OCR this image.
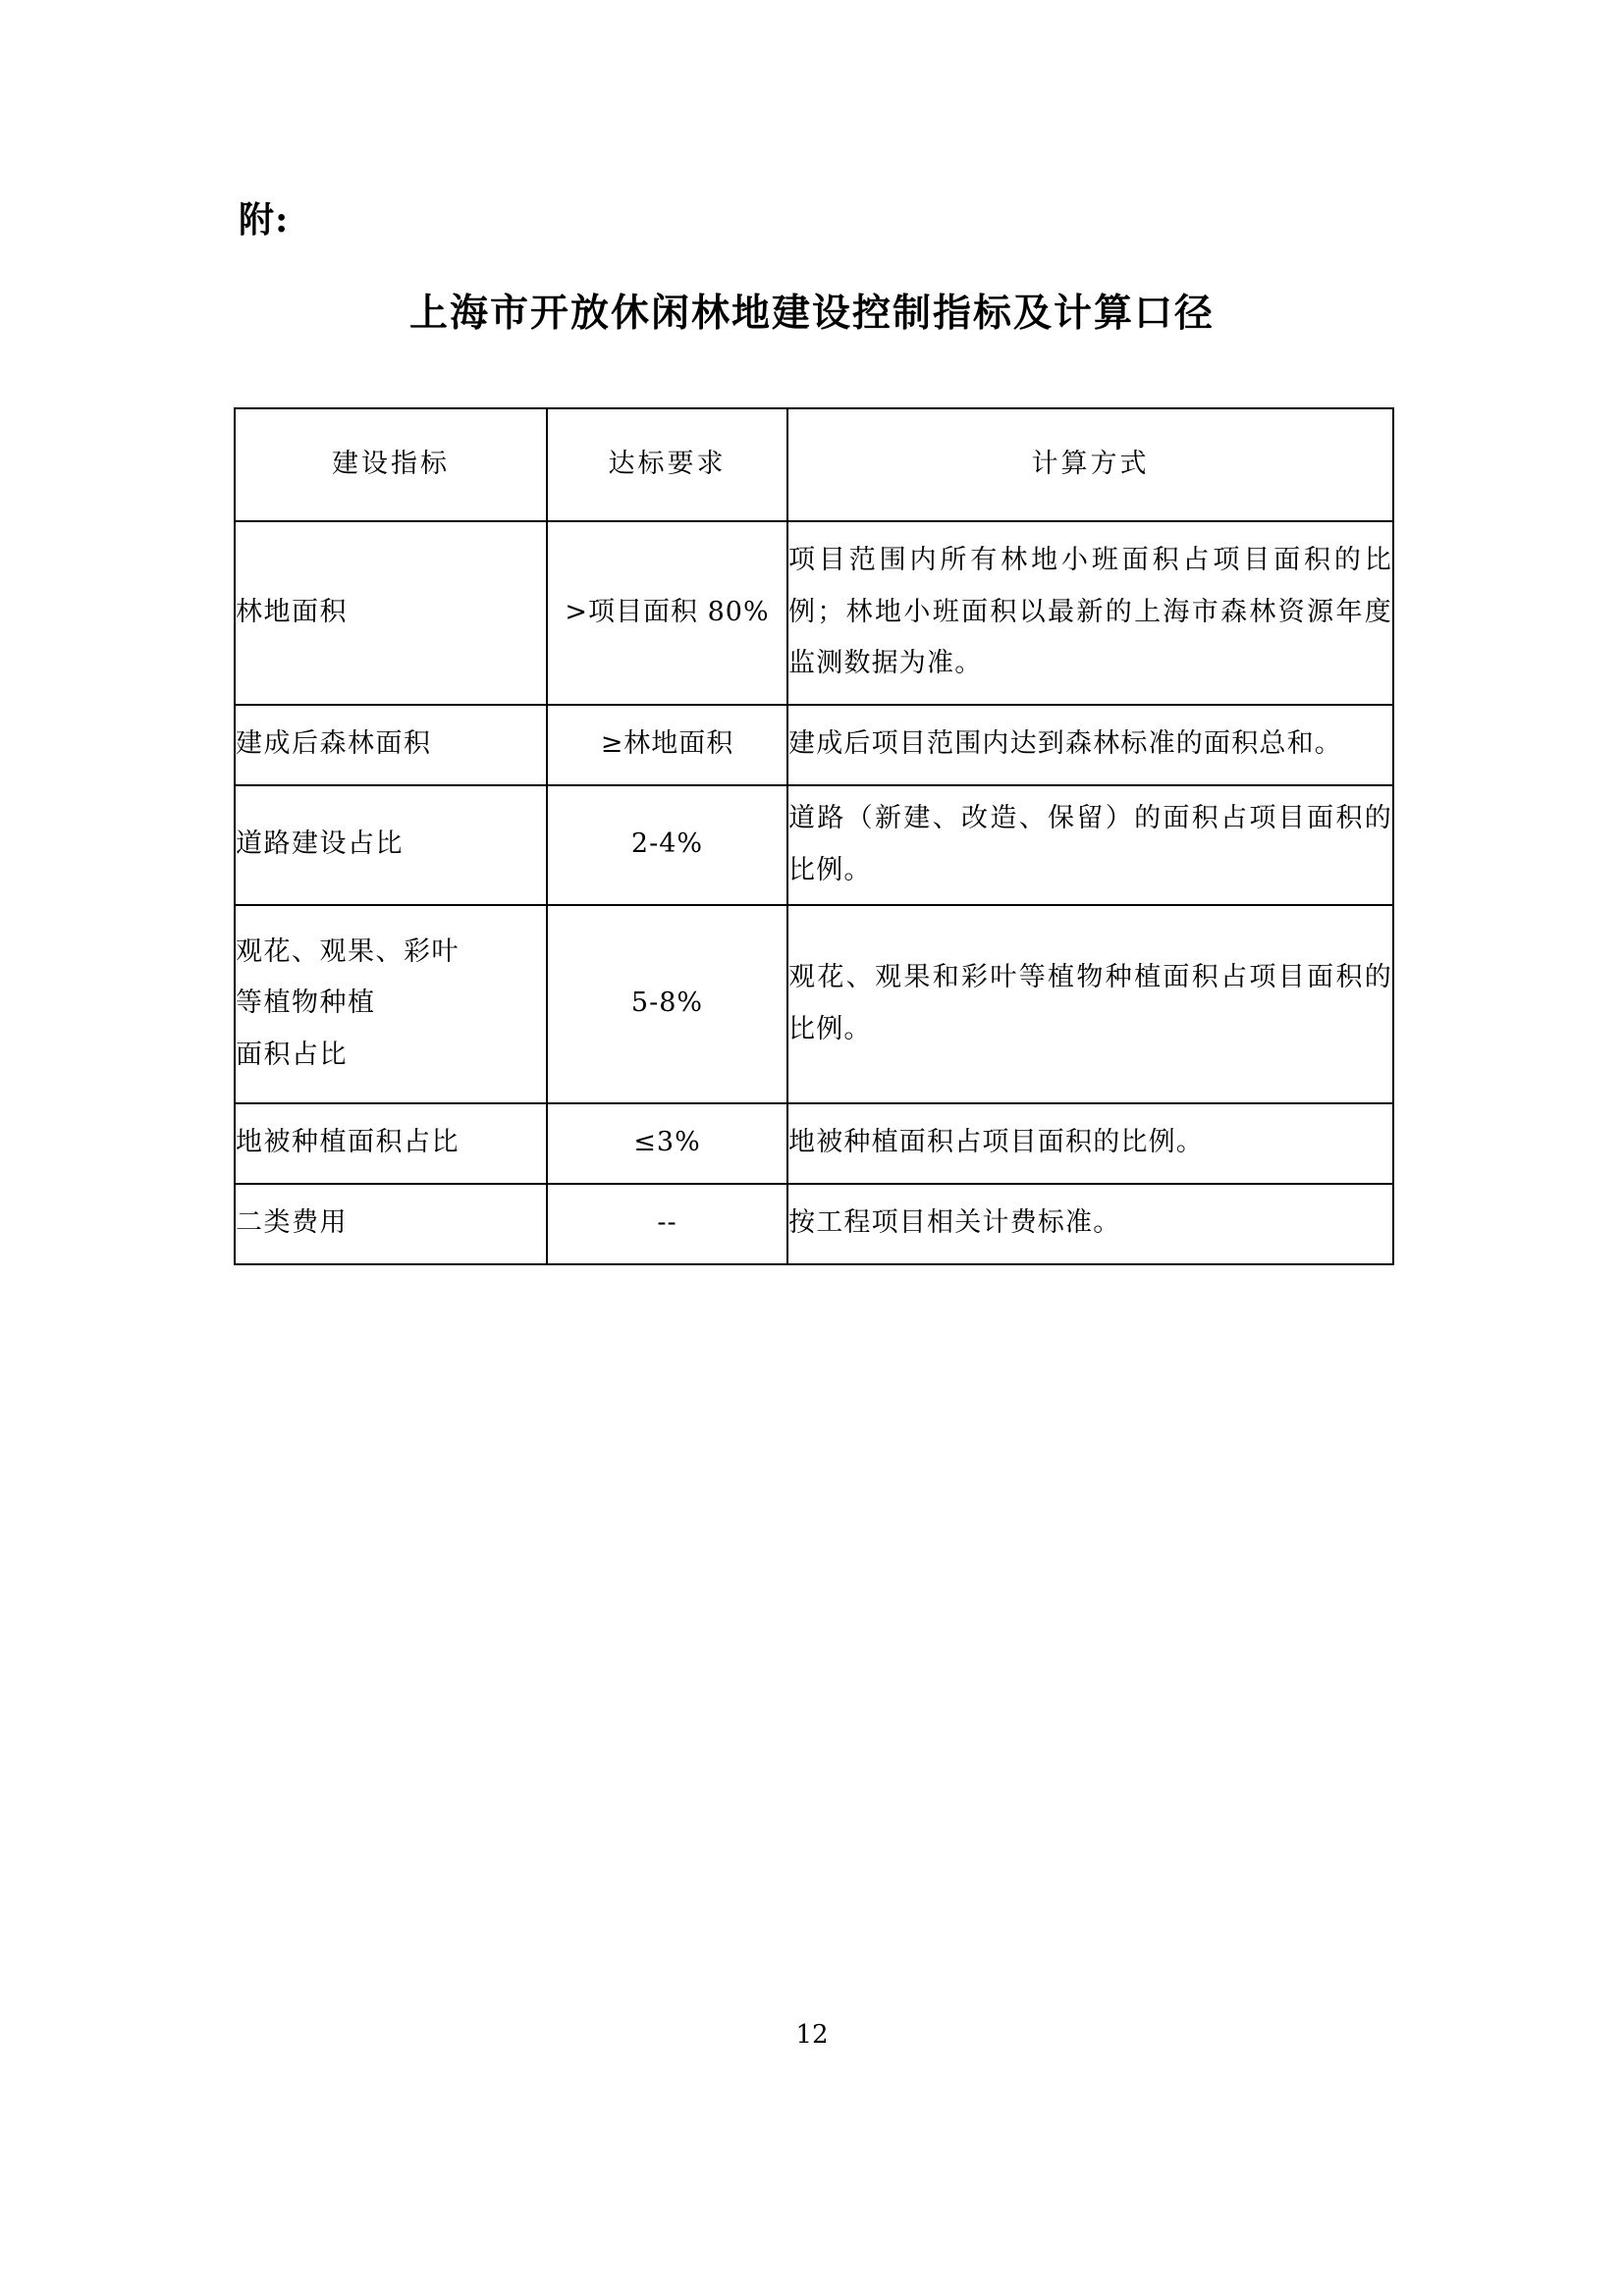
附:
上海市开放休闲林地建设控制指标及计算口径
建设指标	达标要求	计算方式

林地面积	>项目面积 80%	项目范围内所有林地小班面积占项目面积的比例；林地小班面积以最新的上海市森林资源年度监测数据为准。

建成后森林面积	≥林地面积	建成后项目范围内达到森林标准的面积总和。

道路建设占比	2-4%	道路（新建、改造、保留）的面积占项目面积的比例。

观花、观果、彩叶
等植物种植
面积占比	5-8%	观花、观果和彩叶等植物种植面积占项目面积的比例。

地被种植面积占比	≤3%	地被种植面积占项目面积的比例。

二类费用	--	按工程项目相关计费标准。
12
